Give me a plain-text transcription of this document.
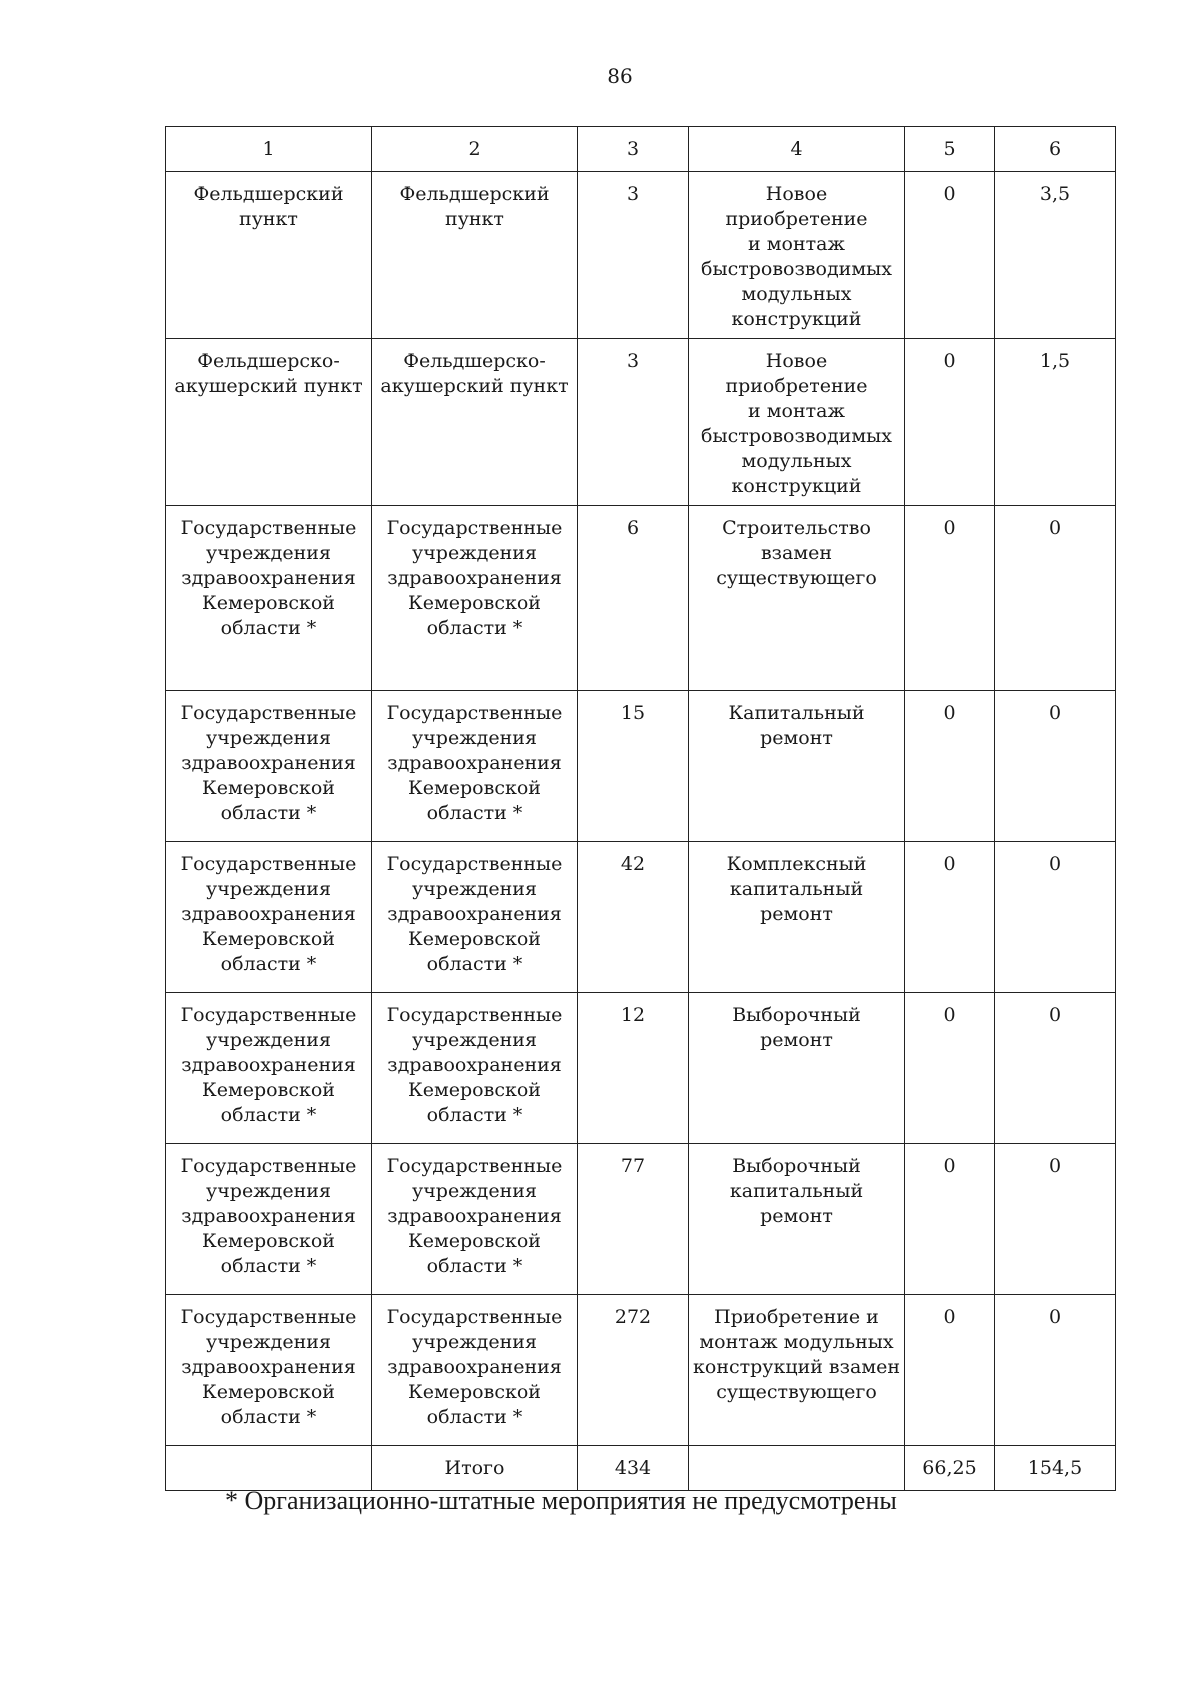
86
1	2	3	4	5	6
Фельдшерский
пункт	Фельдшерский
пункт	3	Новое приобретение
и монтаж
быстровозводимых
модульных
конструкций	0	3,5
Фельдшерско-
акушерский пункт	Фельдшерско-
акушерский пункт	3	Новое приобретение
и монтаж
быстровозводимых
модульных
конструкций	0	1,5
Государственные
учреждения
здравоохранения
Кемеровской
области *	Государственные
учреждения
здравоохранения
Кемеровской
области *	6	Строительство
взамен
существующего	0	0
Государственные
учреждения
здравоохранения
Кемеровской
области *	Государственные
учреждения
здравоохранения
Кемеровской
области *	15	Капитальный ремонт	0	0
Государственные
учреждения
здравоохранения
Кемеровской
области *	Государственные
учреждения
здравоохранения
Кемеровской
области *	42	Комплексный
капитальный ремонт	0	0
Государственные
учреждения
здравоохранения
Кемеровской
области *	Государственные
учреждения
здравоохранения
Кемеровской
области *	12	Выборочный
ремонт	0	0
Государственные
учреждения
здравоохранения
Кемеровской
области *	Государственные
учреждения
здравоохранения
Кемеровской
области *	77	Выборочный
капитальный ремонт	0	0
Государственные
учреждения
здравоохранения
Кемеровской
области *	Государственные
учреждения
здравоохранения
Кемеровской
области *	272	Приобретение и
монтаж модульных
конструкций взамен
существующего	0	0
	Итого	434		66,25	154,5
* Организационно-штатные мероприятия не предусмотрены
